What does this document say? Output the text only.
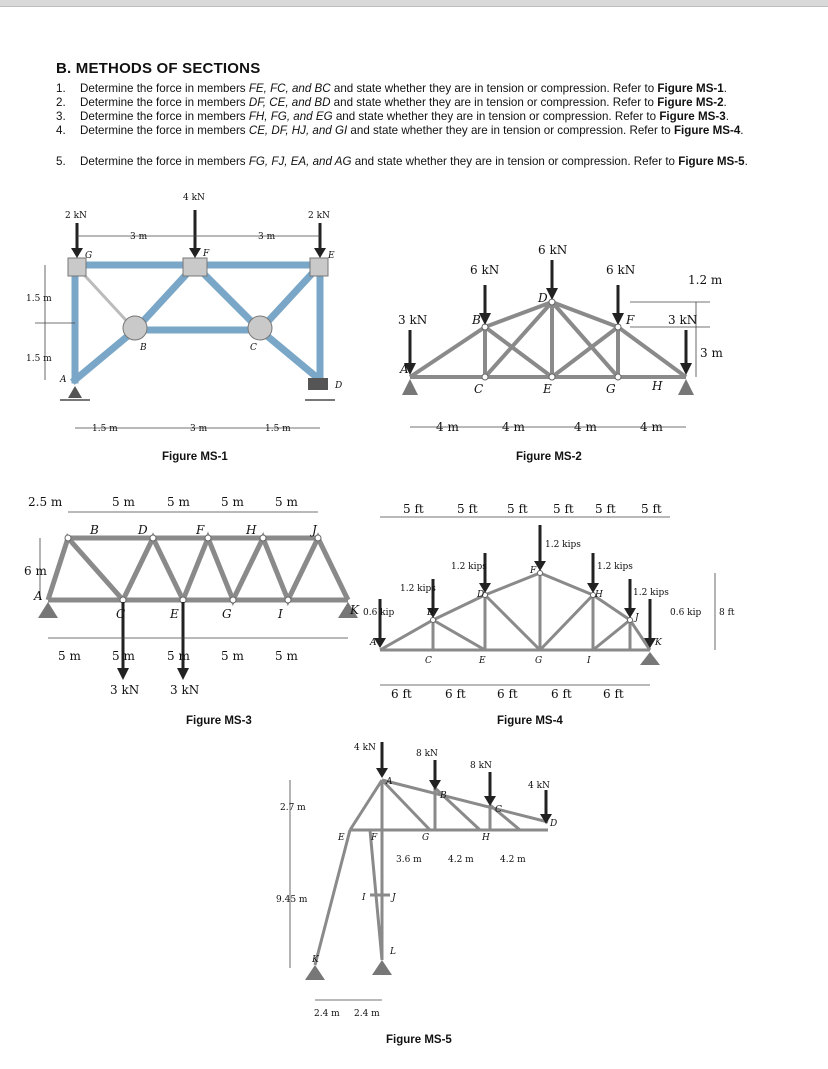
B. METHODS OF SECTIONS
1. Determine the force in members FE, FC, and BC and state whether they are in tension or compression. Refer to Figure MS-1.
2. Determine the force in members DF, CE, and BD and state whether they are in tension or compression. Refer to Figure MS-2.
3. Determine the force in members FH, FG, and EG and state whether they are in tension or compression. Refer to Figure MS-3.
4. Determine the force in members CE, DF, HJ, and GI and state whether they are in tension or compression. Refer to Figure MS-4.
5. Determine the force in members FG, FJ, EA, and AG and state whether they are in tension or compression. Refer to Figure MS-5.
2 kN
4 kN
2 kN
3 m	3 m
1.5 m
1.5 m
1.5 m	3 m	1.5 m
G	F	E
B	C
A
D
Figure MS-1
3 kN
6 kN
6 kN
6 kN
3 kN
1.2 m
3 m
4 m	4 m	4 m	4 m
A
B
C
D
E
F
G	H
Figure MS-2
3 kN	3 kN
2.5 m
6 m
5 m	5 m	5 m	5 m
5 m	5 m	5 m	5 m	5 m
A
B
C
D
E
F
G
H
I
J
K
Figure MS-3
1.2 kips
1.2 kips	1.2 kips
1.2 kips	1.2 kips
0.6 kip	0.6 kip 8 ft
5 ft	5 ft 5 ft 5 ft 5 ft 5 ft
6 ft	6 ft	6 ft	6 ft	6 ft
A
B
C
D
E
F
G
H
I
J
K
Figure MS-4
4 kN
8 kN
8 kN
4 kN
2.7 m
9.45 m
3.6 m	4.2 m	4.2 m
2.4 m 2.4 m
A
B
C
D
E	F	G	H
I	J
K
L
Figure MS-5
